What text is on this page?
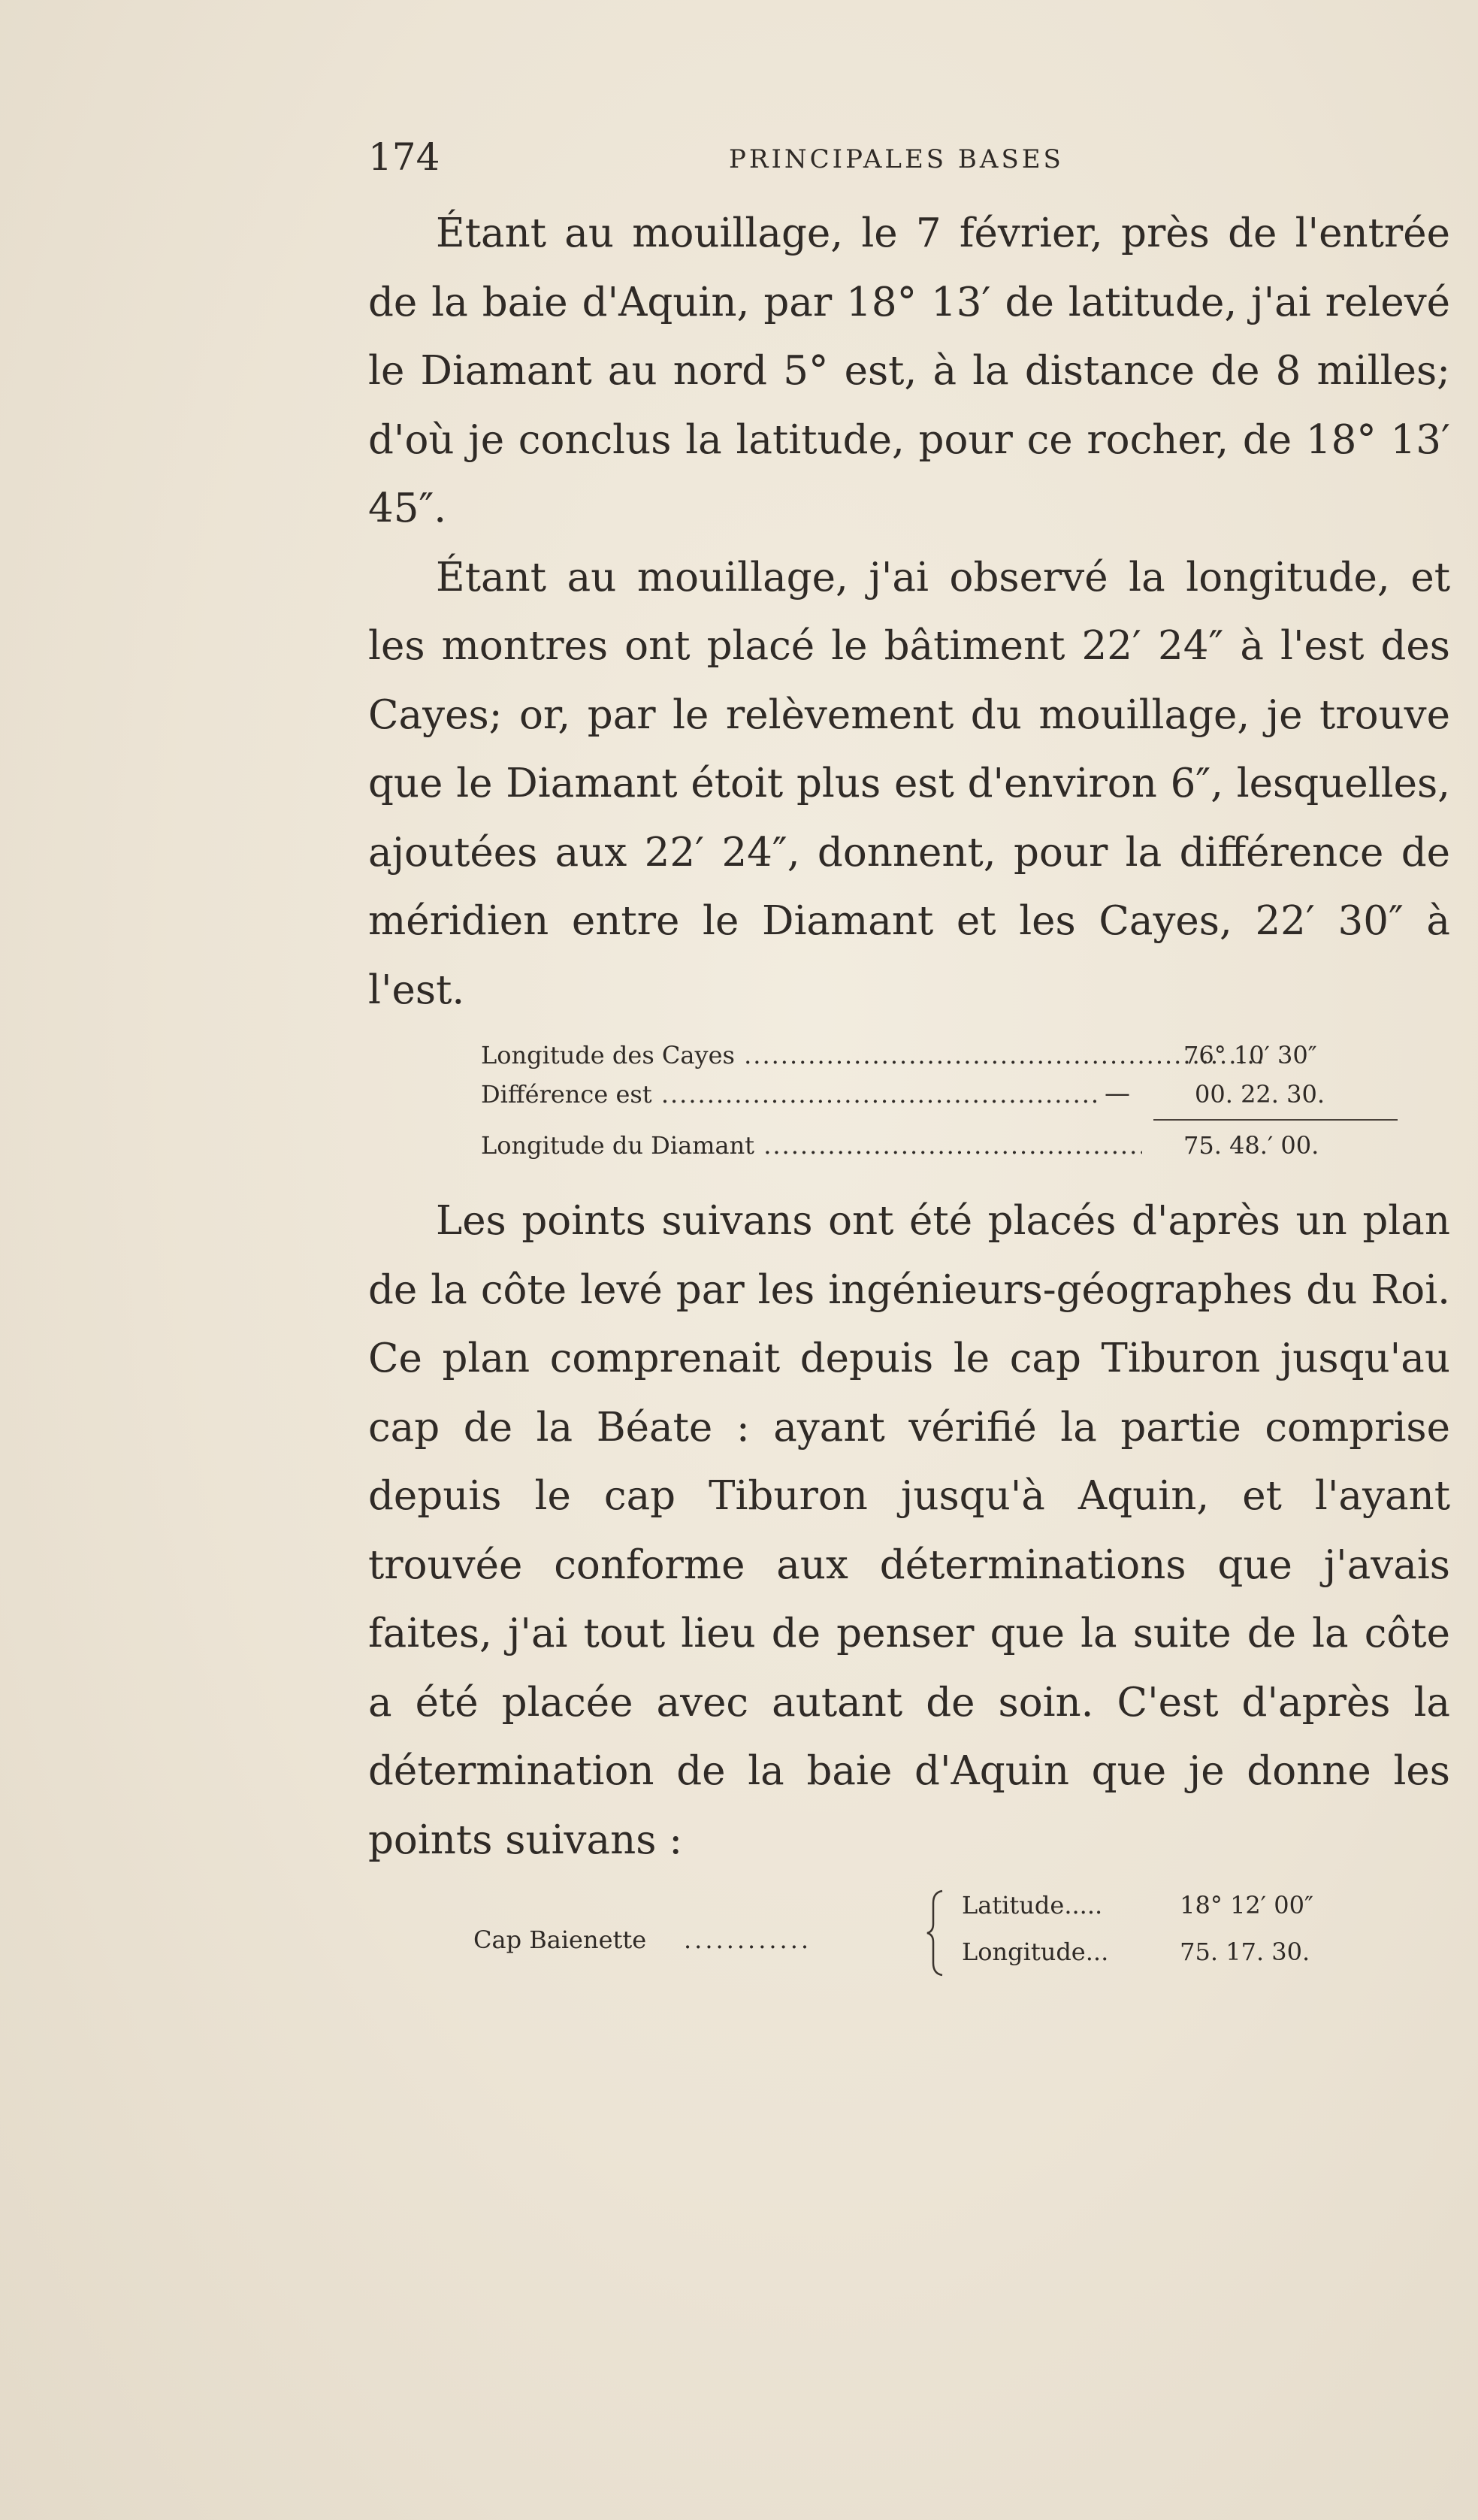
174	PRINCIPALES BASES

Étant au mouillage, le 7 février, près de l'entrée de la baie d'Aquin, par 18° 13′ de latitude, j'ai relevé le Diamant au nord 5° est, à la distance de 8 milles; d'où je conclus la latitude, pour ce rocher, de 18° 13′ 45″.

Étant au mouillage, j'ai observé la longitude, et les montres ont placé le bâtiment 22′ 24″ à l'est des Cayes; or, par le relèvement du mouillage, je trouve que le Diamant étoit plus est d'environ 6″, lesquelles, ajoutées aux 22′ 24″, donnent, pour la différence de méridien entre le Diamant et les Cayes, 22′ 30″ à l'est.

Longitude des Cayes .....	76° 10′ 30″
Différence est .....	—	00. 22. 30.
Longitude du Diamant .....	75. 48.′ 00.

Les points suivans ont été placés d'après un plan de la côte levé par les ingénieurs-géographes du Roi. Ce plan comprenait depuis le cap Tiburon jusqu'au cap de la Béate : ayant vérifié la partie comprise depuis le cap Tiburon jusqu'à Aquin, et l'ayant trouvée conforme aux déterminations que j'avais faites, j'ai tout lieu de penser que la suite de la côte a été placée avec autant de soin. C'est d'après la détermination de la baie d'Aquin que je donne les points suivans :

Cap Baienette ............
Latitude.....	18° 12′ 00″
Longitude...	75. 17. 30.
